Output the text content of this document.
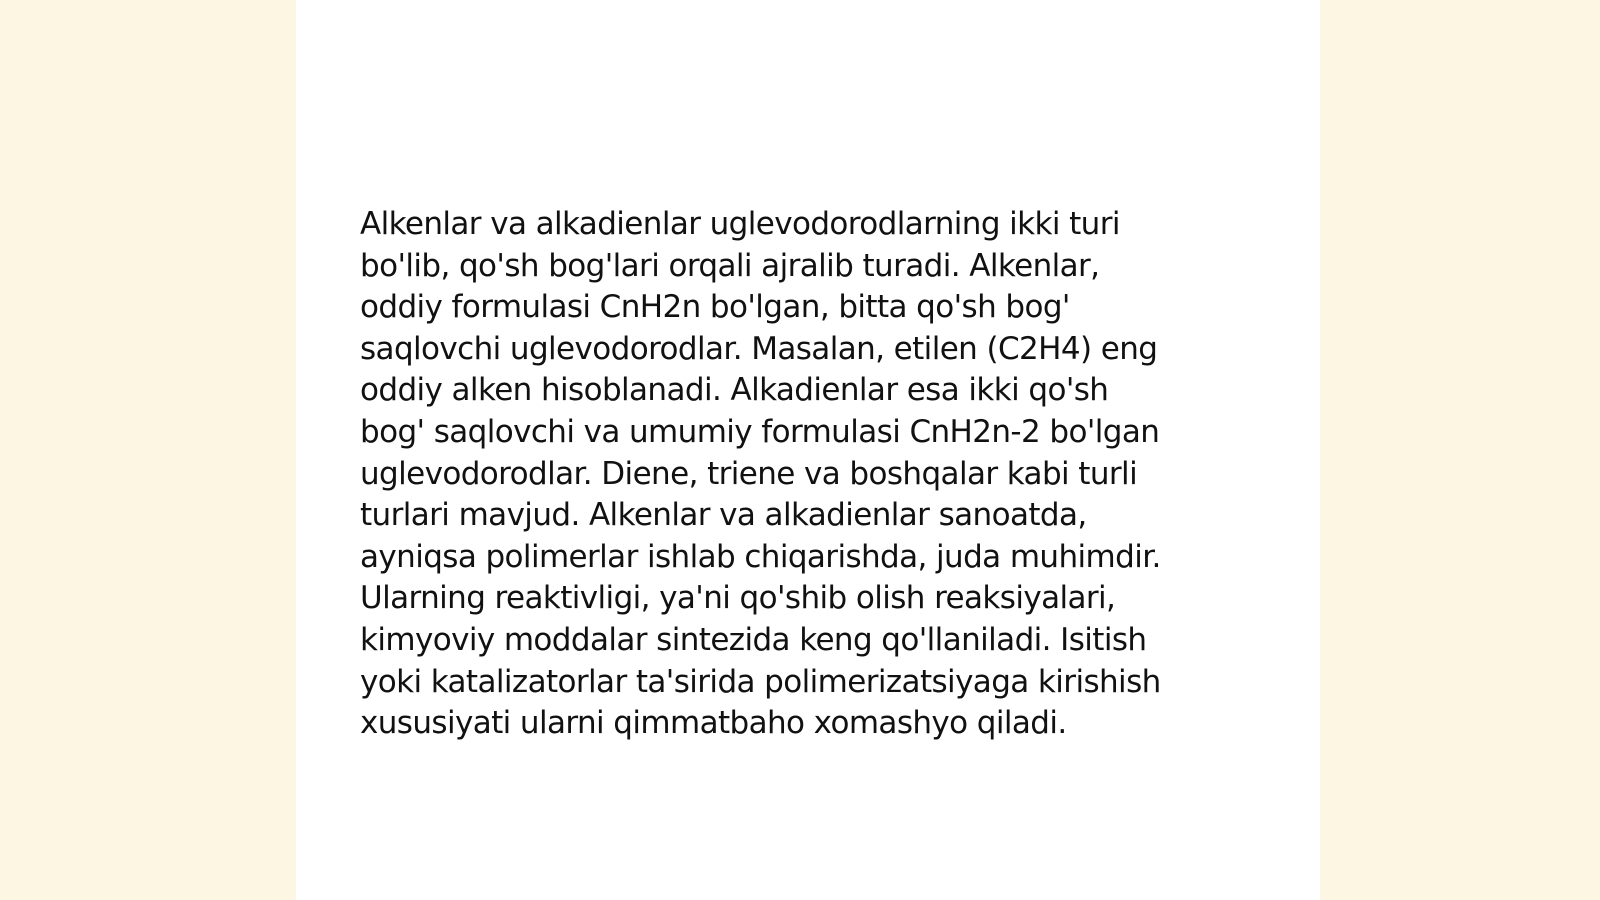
Alkenlar va alkadienlar uglevodorodlarning ikki turi
bo'lib, qo'sh bog'lari orqali ajralib turadi. Alkenlar,
oddiy formulasi CnH2n bo'lgan, bitta qo'sh bog'
saqlovchi uglevodorodlar. Masalan, etilen (C2H4) eng
oddiy alken hisoblanadi. Alkadienlar esa ikki qo'sh
bog' saqlovchi va umumiy formulasi CnH2n-2 bo'lgan
uglevodorodlar. Diene, triene va boshqalar kabi turli
turlari mavjud. Alkenlar va alkadienlar sanoatda,
ayniqsa polimerlar ishlab chiqarishda, juda muhimdir.
Ularning reaktivligi, ya'ni qo'shib olish reaksiyalari,
kimyoviy moddalar sintezida keng qo'llaniladi. Isitish
yoki katalizatorlar ta'sirida polimerizatsiyaga kirishish
xususiyati ularni qimmatbaho xomashyo qiladi.
